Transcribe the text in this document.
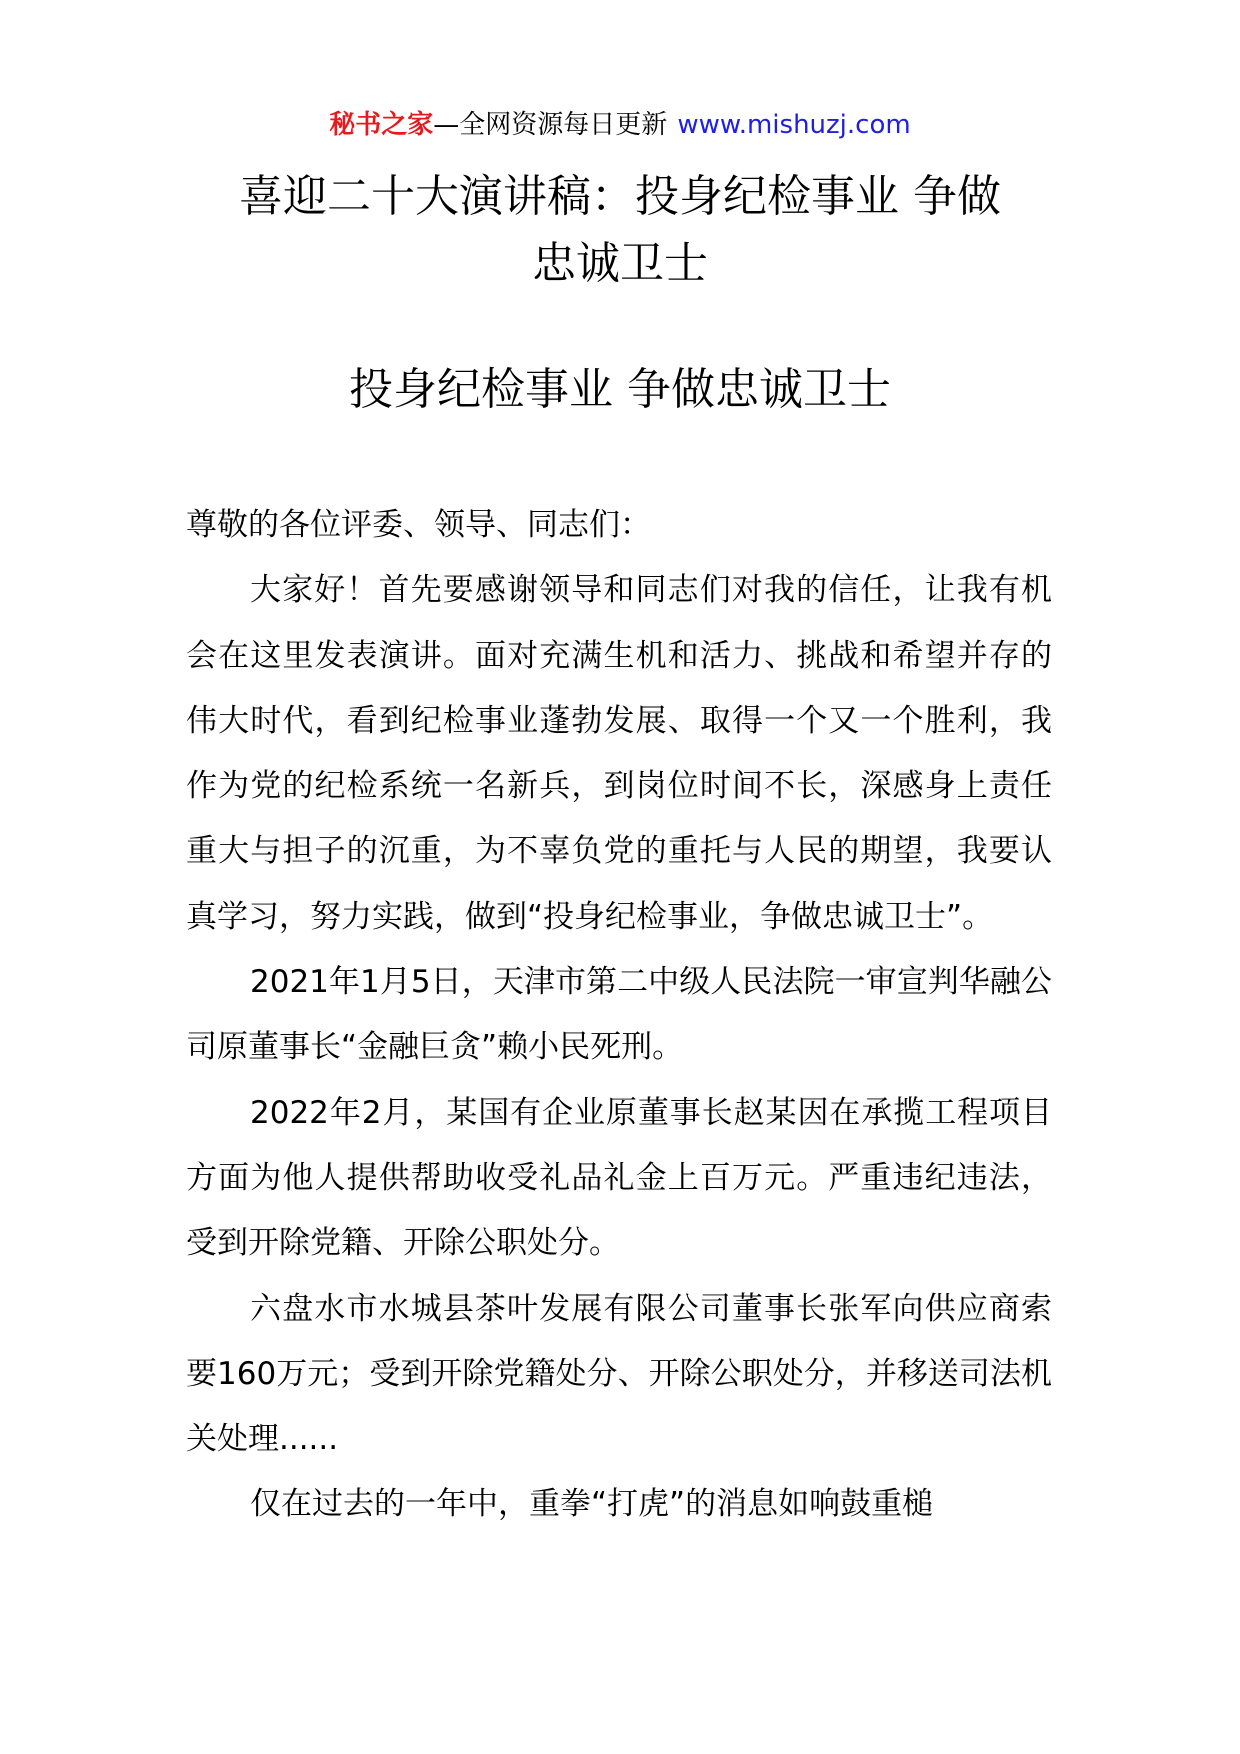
秘书之家—全网资源每日更新 www.mishuzj.com
喜迎二十大演讲稿：投身纪检事业 争做
忠诚卫士
投身纪检事业 争做忠诚卫士

尊敬的各位评委、领导、同志们：

大家好！首先要感谢领导和同志们对我的信任，让我有机会在这里发表演讲。面对充满生机和活力、挑战和希望并存的伟大时代，看到纪检事业蓬勃发展、取得一个又一个胜利，我作为党的纪检系统一名新兵，到岗位时间不长，深感身上责任重大与担子的沉重，为不辜负党的重托与人民的期望，我要认真学习，努力实践，做到“投身纪检事业，争做忠诚卫士”。

2021年1月5日，天津市第二中级人民法院一审宣判华融公司原董事长“金融巨贪”赖小民死刑。

2022年2月，某国有企业原董事长赵某因在承揽工程项目方面为他人提供帮助收受礼品礼金上百万元。严重违纪违法，受到开除党籍、开除公职处分。

六盘水市水城县茶叶发展有限公司董事长张军向供应商索要160万元；受到开除党籍处分、开除公职处分，并移送司法机关处理......

仅在过去的一年中，重拳“打虎”的消息如响鼓重槌
